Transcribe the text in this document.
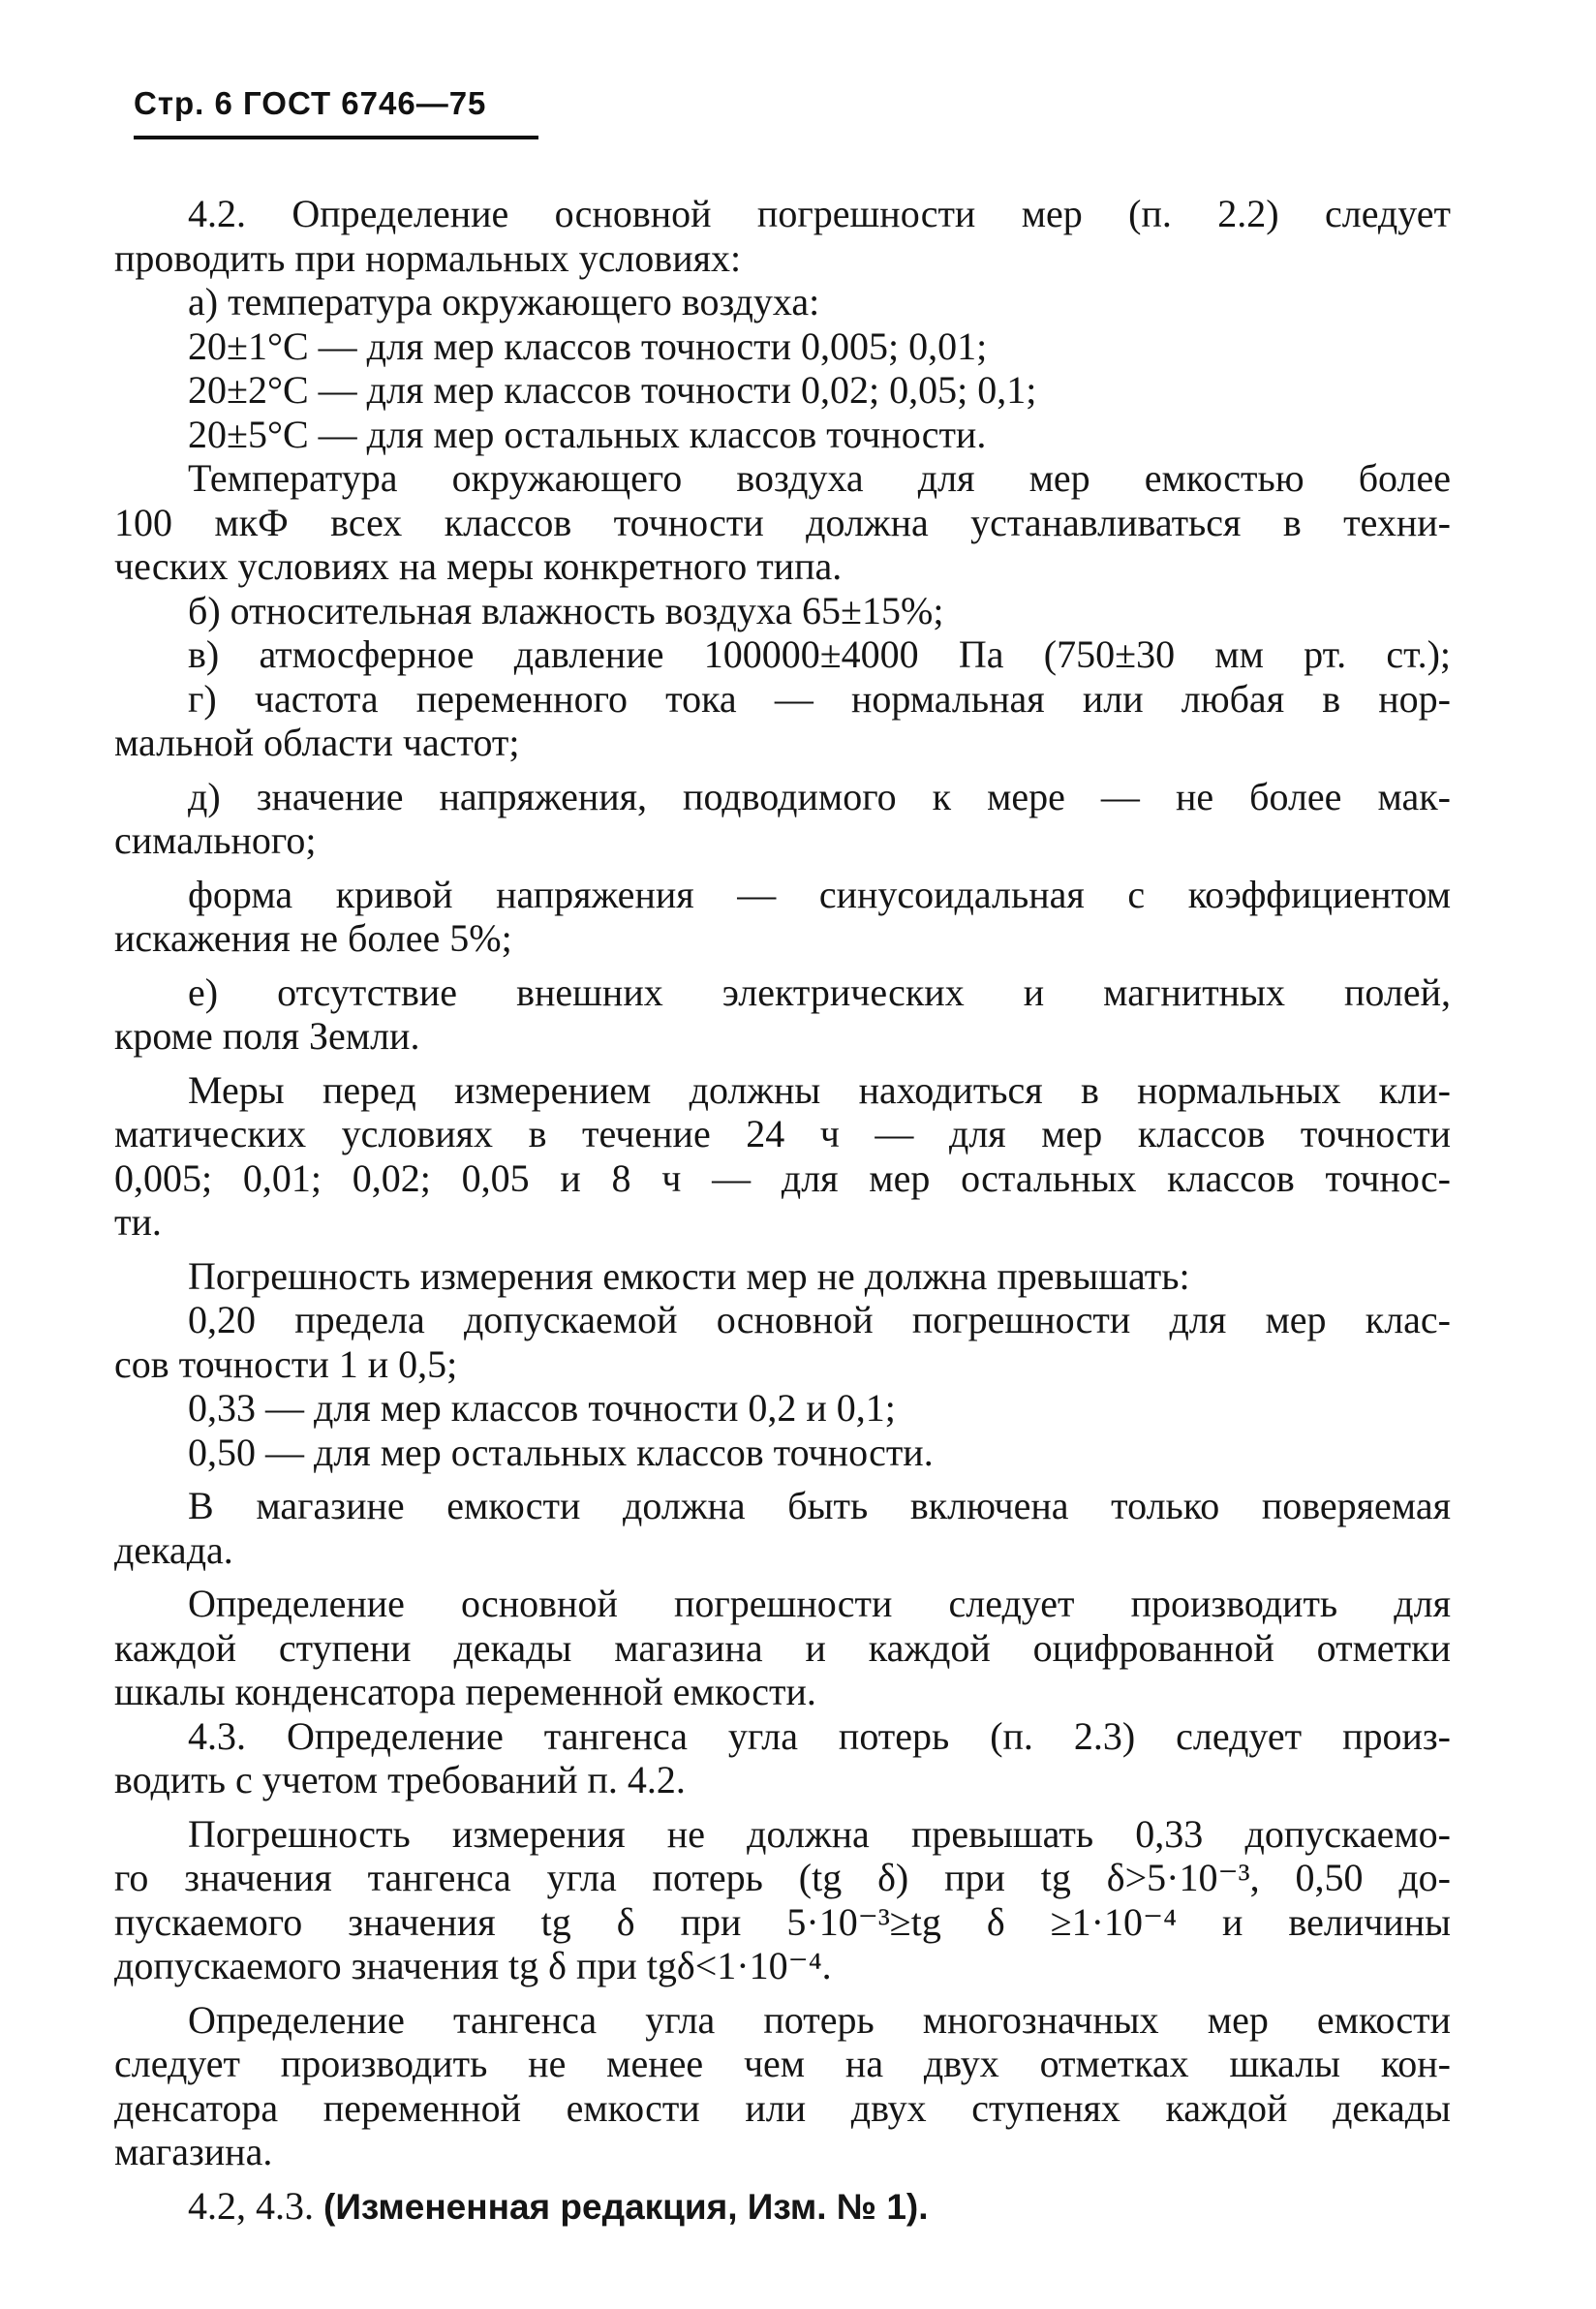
Стр. 6 ГОСТ 6746—75
4.2. Определение основной погрешности мер (п. 2.2) следует
проводить при нормальных условиях:
а) температура окружающего воздуха:
20±1°С — для мер классов точности 0,005; 0,01;
20±2°С — для мер классов точности 0,02; 0,05; 0,1;
20±5°С — для мер остальных классов точности.
Температура окружающего воздуха для мер емкостью более
100 мкФ всех классов точности должна устанавливаться в техни-
ческих условиях на меры конкретного типа.
б) относительная влажность воздуха 65±15%;
в) атмосферное давление 100000±4000 Па (750±30 мм рт. ст.);
г) частота переменного тока — нормальная или любая в нор-
мальной области частот;
д) значение напряжения, подводимого к мере — не более мак-
симального;
форма кривой напряжения — синусоидальная с коэффициентом
искажения не более 5%;
е) отсутствие внешних электрических и магнитных полей,
кроме поля Земли.
Меры перед измерением должны находиться в нормальных кли-
матических условиях в течение 24 ч — для мер классов точности
0,005; 0,01; 0,02; 0,05 и 8 ч — для мер остальных классов точнос-
ти.
Погрешность измерения емкости мер не должна превышать:
0,20 предела допускаемой основной погрешности для мер клас-
сов точности 1 и 0,5;
0,33 — для мер классов точности 0,2 и 0,1;
0,50 — для мер остальных классов точности.
В магазине емкости должна быть включена только поверяемая
декада.
Определение основной погрешности следует производить для
каждой ступени декады магазина и каждой оцифрованной отметки
шкалы конденсатора переменной емкости.
4.3. Определение тангенса угла потерь (п. 2.3) следует произ-
водить с учетом требований п. 4.2.
Погрешность измерения не должна превышать 0,33 допускаемо-
го значения тангенса угла потерь (tg δ) при tg δ>5·10⁻³, 0,50 до-
пускаемого значения tg δ при 5·10⁻³≥tg δ ≥1·10⁻⁴ и величины
допускаемого значения tg δ при tgδ<1·10⁻⁴.
Определение тангенса угла потерь многозначных мер емкости
следует производить не менее чем на двух отметках шкалы кон-
денсатора переменной емкости или двух ступенях каждой декады
магазина.
4.2, 4.3. (Измененная редакция, Изм. № 1).
